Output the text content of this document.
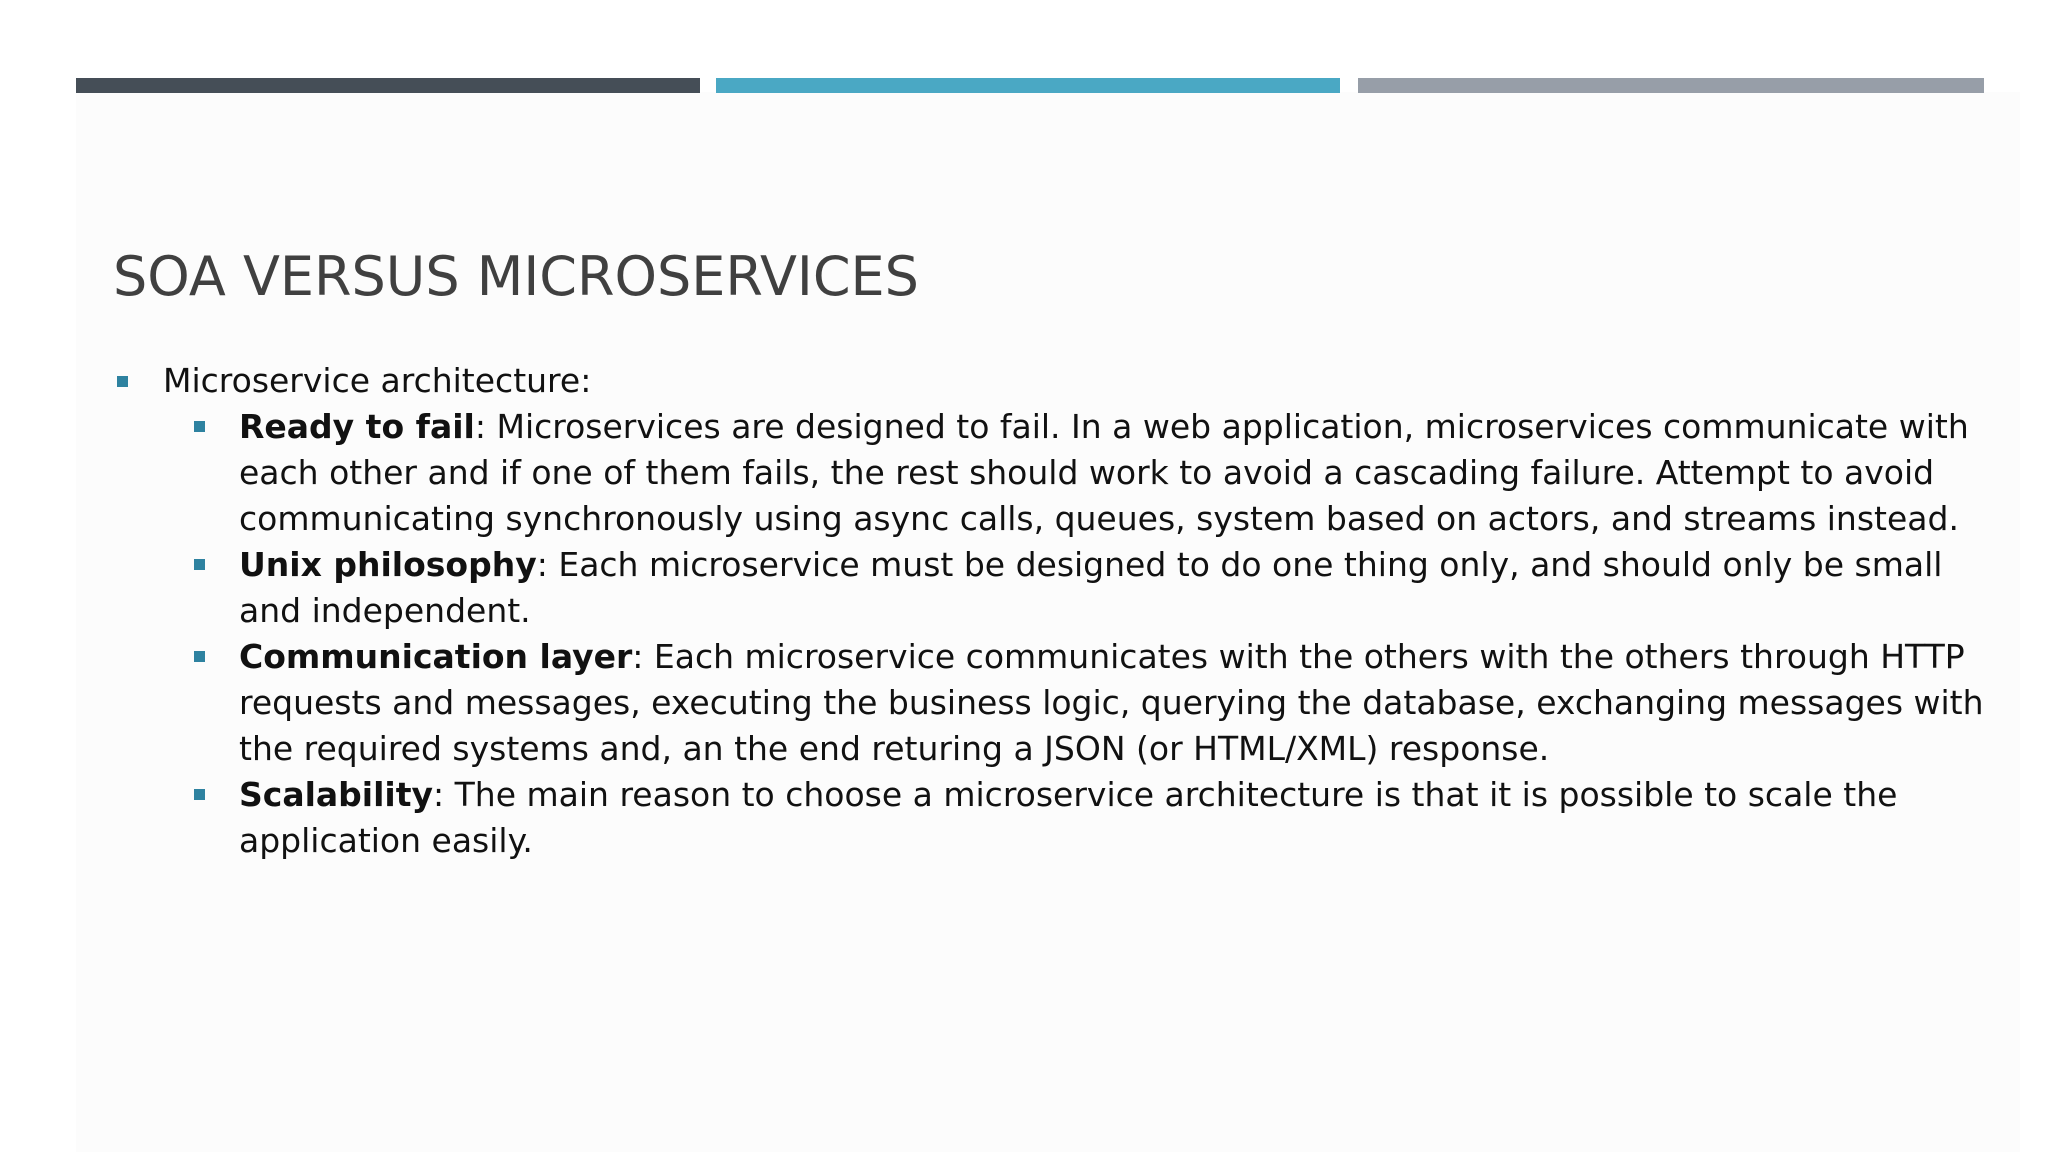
SOA VERSUS MICROSERVICES
Microservice architecture:
Ready to fail: Microservices are designed to fail. In a web application, microservices communicate with each other and if one of them fails, the rest should work to avoid a cascading failure. Attempt to avoid communicating synchronously using async calls, queues, system based on actors, and streams instead.
Unix philosophy: Each microservice must be designed to do one thing only, and should only be small and independent.
Communication layer: Each microservice communicates with the others with the others through HTTP requests and messages, executing the business logic, querying the database, exchanging messages with the required systems and, an the end returing a JSON (or HTML/XML) response.
Scalability: The main reason to choose a microservice architecture is that it is possible to scale the application easily.
